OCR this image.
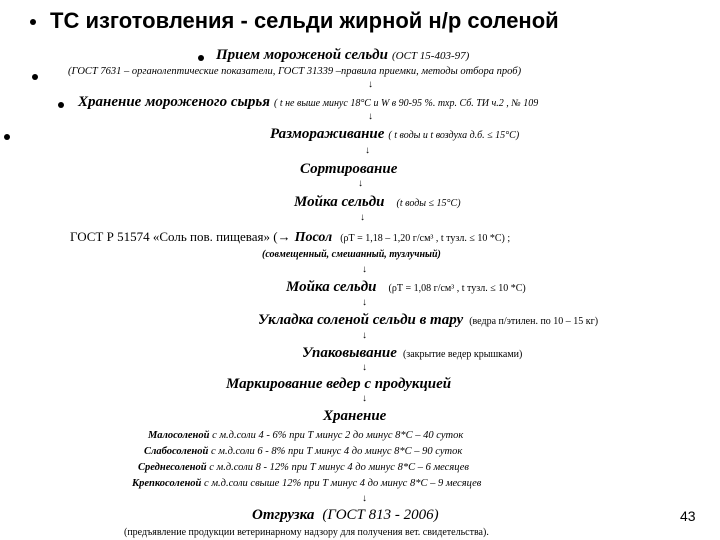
ТС изготовления - сельди жирной н/р соленой
Прием мороженой сельди (ОСТ 15-403-97)
(ГОСТ 7631 – органолептические показатели, ГОСТ 31339 –правила приемки, методы отбора проб)
↓
Хранение мороженого сырья ( t не выше минус 18°С и W в 90-95 %. тхр. Сб. ТИ ч.2 , № 109
↓
Размораживание ( t воды и t воздуха д.б. ≤ 15°С)
↓
Сортирование
↓
Мойка сельди (t воды ≤ 15°С)
↓
ГОСТ Р 51574 «Соль пов. пищевая» (→ Посол (ρТ = 1,18 – 1,20 г/см³ , t тузл. ≤ 10 *С) ;
(совмещенный, смешанный, тузлучный)
↓
Мойка сельди (ρТ = 1,08 г/см³ , t тузл. ≤ 10 *С)
↓
Укладка соленой сельди в тару (ведра п/этилен. по 10 – 15 кг)
↓
Упаковывание (закрытие ведер крышками)
↓
Маркирование ведер с продукцией
↓
Хранение
Малосоленой с м.д.соли 4 - 6% при Т минус 2 до минус 8*С – 40 суток
Слабосоленой с м.д.соли 6 - 8% при Т минус 4 до минус 8*С – 90 суток
Среднесоленой с м.д.соли 8 - 12% при Т минус 4 до минус 8*С – 6 месяцев
Крепкосоленой с м.д.соли свыше 12% при Т минус 4 до минус 8*С – 9 месяцев
↓
Отгрузка (ГОСТ 813 - 2006)
(предъявление продукции ветеринарному надзору для получения вет. свидетельства).
43
